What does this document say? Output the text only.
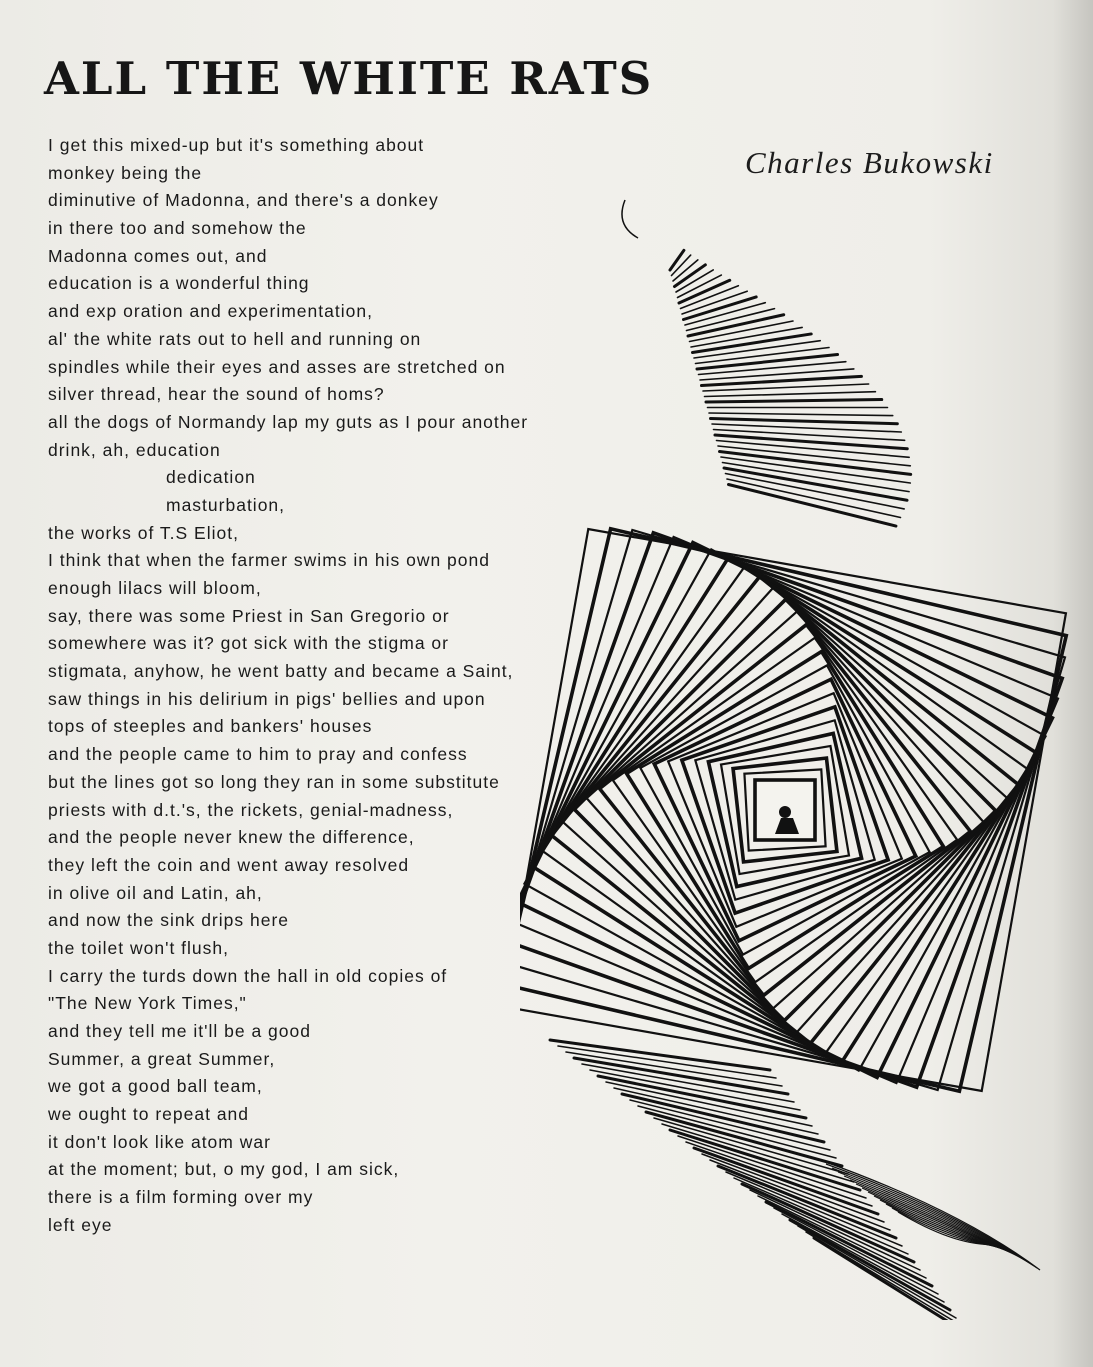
ALL THE WHITE RATS
Charles Bukowski
I get this mixed-up but it's something about
monkey being the
diminutive of Madonna, and there's a donkey
in there too and somehow the
Madonna comes out, and
education is a wonderful thing
and exp oration and experimentation,
al' the white rats out to hell and running on
spindles while their eyes and asses are stretched on
silver thread, hear the sound of homs?
all the dogs of Normandy lap my guts as I pour another
drink, ah, education
dedication
masturbation,
the works of T.S Eliot,
I think that when the farmer swims in his own pond
enough lilacs will bloom,
say, there was some Priest in San Gregorio or
somewhere was it? got sick with the stigma or
stigmata, anyhow, he went batty and became a Saint,
saw things in his delirium in pigs' bellies and upon
tops of steeples and bankers' houses
and the people came to him to pray and confess
but the lines got so long they ran in some substitute
priests with d.t.'s, the rickets, genial-madness,
and the people never knew the difference,
they left the coin and went away resolved
in olive oil and Latin, ah,
and now the sink drips here
the toilet won't flush,
I carry the turds down the hall in old copies of
"The New York Times,"
and they tell me it'll be a good
Summer, a great Summer,
we got a good ball team,
we ought to repeat and
it don't look like atom war
at the moment; but, o my god, I am sick,
there is a film forming over my
left eye
